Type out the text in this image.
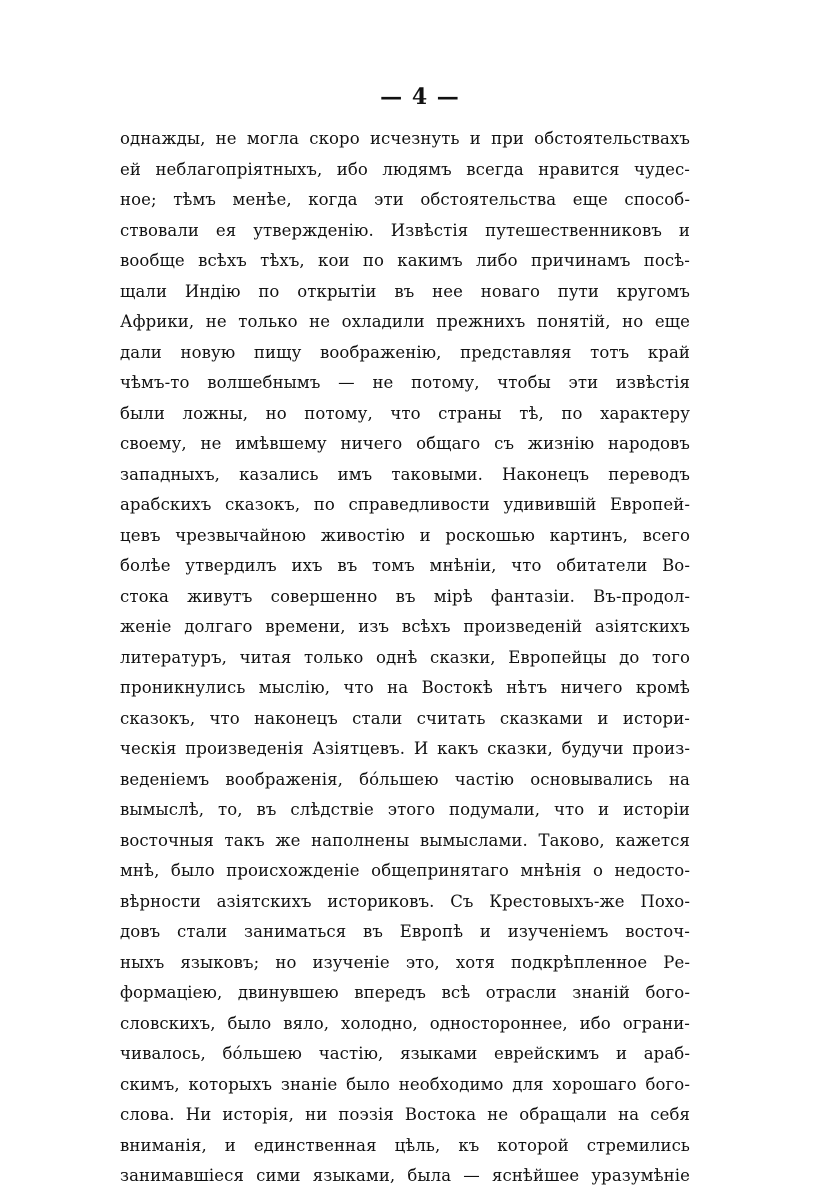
— 4 —
однажды, не могла скоро исчезнуть и при обстоятельствахъ
ей неблагопріятныхъ, ибо людямъ всегда нравится чудес-
ное; тѣмъ менѣе, когда эти обстоятельства еще способ-
ствовали ея утвержденію. Извѣстія путешественниковъ и
вообще всѣхъ тѣхъ, кои по какимъ либо причинамъ посѣ-
щали Индію по открытіи въ нее новаго пути кругомъ
Африки, не только не охладили прежнихъ понятій, но еще
дали новую пищу воображенію, представляя тотъ край
чѣмъ-то волшебнымъ — не потому, чтобы эти извѣстія
были ложны, но потому, что страны тѣ, по характеру
своему, не имѣвшему ничего общаго съ жизнію народовъ
западныхъ, казались имъ таковыми. Наконецъ переводъ
арабскихъ сказокъ, по справедливости удивившій Европей-
цевъ чрезвычайною живостію и роскошью картинъ, всего
болѣе утвердилъ ихъ въ томъ мнѣніи, что обитатели Во-
стока живутъ совершенно въ мірѣ фантазіи. Въ-продол-
женіе долгаго времени, изъ всѣхъ произведеній азіятскихъ
литературъ, читая только однѣ сказки, Европейцы до того
проникнулись мыслію, что на Востокѣ нѣтъ ничего кромѣ
сказокъ, что наконецъ стали считать сказками и истори-
ческія произведенія Азіятцевъ. И какъ сказки, будучи произ-
веденіемъ воображенія, бо́льшею частію основывались на
вымыслѣ, то, въ слѣдствіе этого подумали, что и исторіи
восточныя такъ же наполнены вымыслами. Таково, кажется
мнѣ, было происхожденіе общепринятаго мнѣнія о недосто-
вѣрности азіятскихъ историковъ. Съ Крестовыхъ-же Похо-
довъ стали заниматься въ Европѣ и изученіемъ восточ-
ныхъ языковъ; но изученіе это, хотя подкрѣпленное Ре-
формаціею, двинувшею впередъ всѣ отрасли знаній бого-
словскихъ, было вяло, холодно, одностороннее, ибо ограни-
чивалось, бо́льшею частію, языками еврейскимъ и араб-
скимъ, которыхъ знаніе было необходимо для хорошаго бого-
слова. Ни исторія, ни поэзія Востока не обращали на себя
вниманія, и единственная цѣль, къ которой стремились
занимавшіеся сими языками, была — яснѣйшее уразумѣніе
